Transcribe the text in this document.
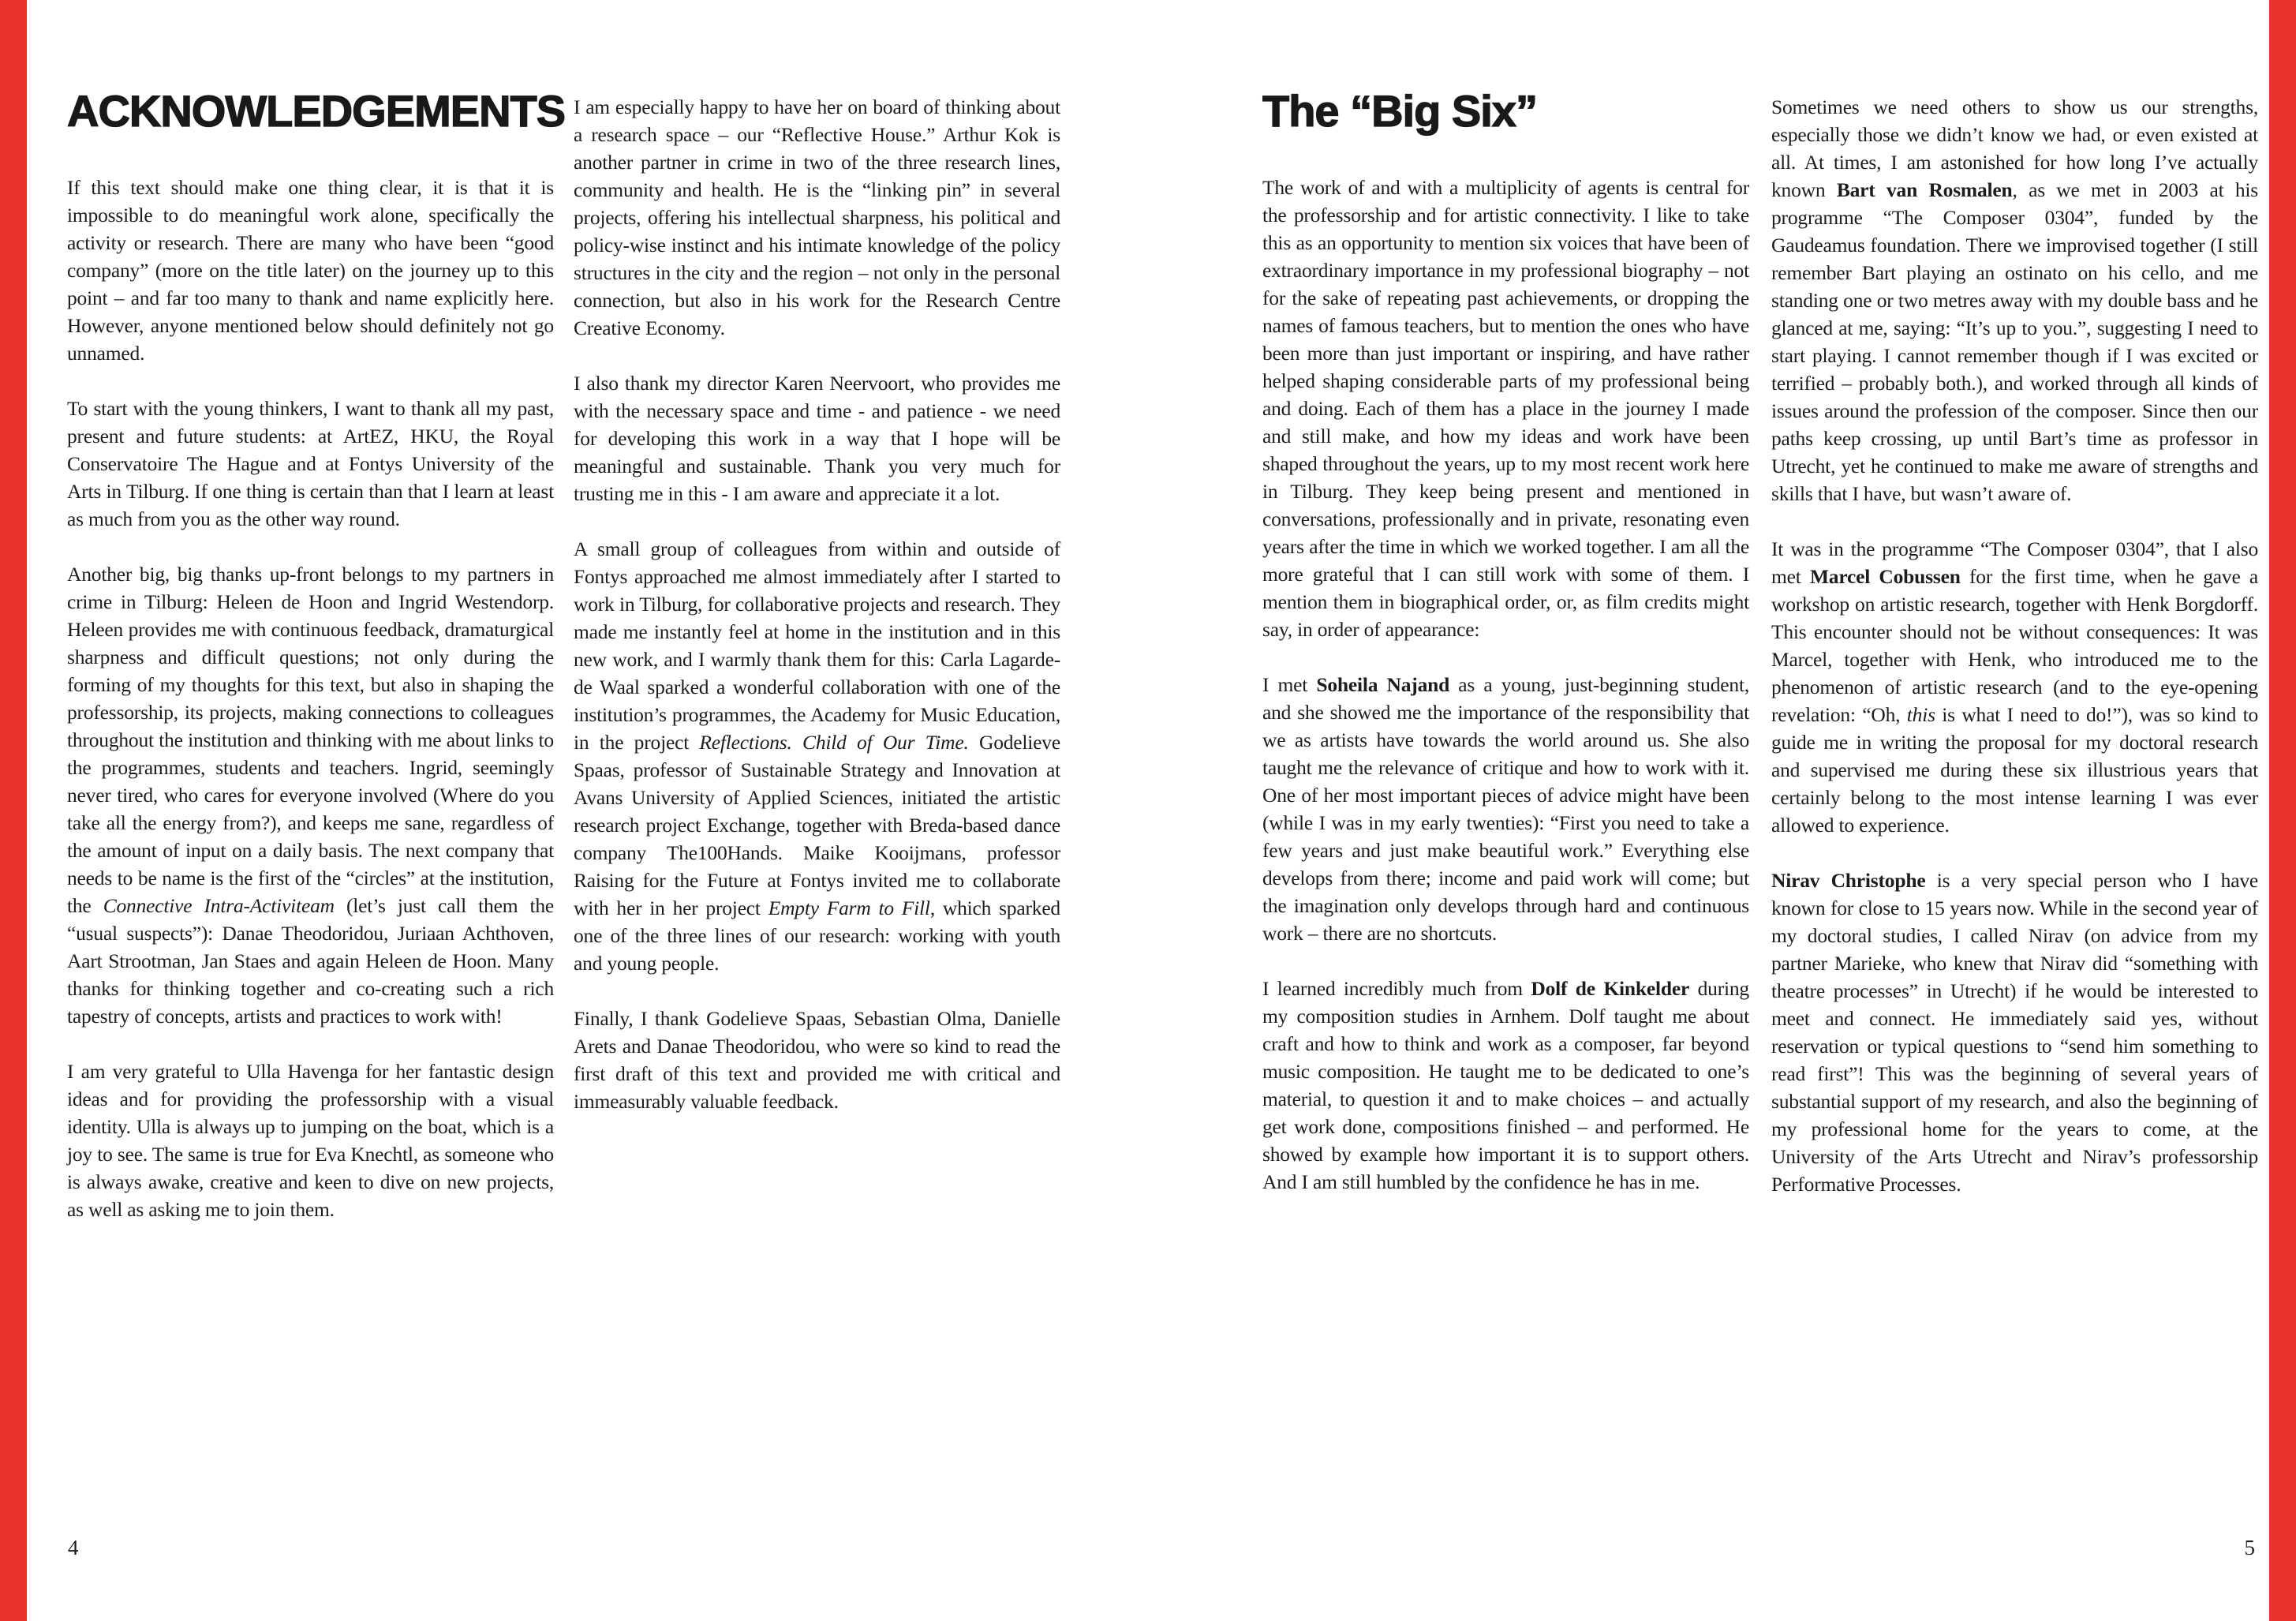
ACKNOWLEDGEMENTS

If this text should make one thing clear, it is that it is impossible to do meaningful work alone, specifically the activity or research. There are many who have been “good company” (more on the title later) on the journey up to this point – and far too many to thank and name explicitly here. However, anyone mentioned below should definitely not go unnamed.

To start with the young thinkers, I want to thank all my past, present and future students: at ArtEZ, HKU, the Royal Conservatoire The Hague and at Fontys University of the Arts in Tilburg. If one thing is certain than that I learn at least as much from you as the other way round.

Another big, big thanks up-front belongs to my partners in crime in Tilburg: Heleen de Hoon and Ingrid Westendorp. Heleen provides me with continuous feedback, dramaturgical sharpness and difficult questions; not only during the forming of my thoughts for this text, but also in shaping the professorship, its projects, making connections to colleagues throughout the institution and thinking with me about links to the programmes, students and teachers. Ingrid, seemingly never tired, who cares for everyone involved (Where do you take all the energy from?), and keeps me sane, regardless of the amount of input on a daily basis. The next company that needs to be name is the first of the “circles” at the institution, the Connective Intra-Activiteam (let’s just call them the “usual suspects”): Danae Theodoridou, Juriaan Achthoven, Aart Strootman, Jan Staes and again Heleen de Hoon. Many thanks for thinking together and co-creating such a rich tapestry of concepts, artists and practices to work with!

I am very grateful to Ulla Havenga for her fantastic design ideas and for providing the professorship with a visual identity. Ulla is always up to jumping on the boat, which is a joy to see. The same is true for Eva Knechtl, as someone who is always awake, creative and keen to dive on new projects, as well as asking me to join them.

I am especially happy to have her on board of thinking about a research space – our “Reflective House.” Arthur Kok is another partner in crime in two of the three research lines, community and health. He is the “linking pin” in several projects, offering his intellectual sharpness, his political and policy-wise instinct and his intimate knowledge of the policy structures in the city and the region – not only in the personal connection, but also in his work for the Research Centre Creative Economy.

I also thank my director Karen Neervoort, who provides me with the necessary space and time - and patience - we need for developing this work in a way that I hope will be meaningful and sustainable. Thank you very much for trusting me in this - I am aware and appreciate it a lot.

A small group of colleagues from within and outside of Fontys approached me almost immediately after I started to work in Tilburg, for collaborative projects and research. They made me instantly feel at home in the institution and in this new work, and I warmly thank them for this: Carla Lagarde-de Waal sparked a wonderful collaboration with one of the institution’s programmes, the Academy for Music Education, in the project Reflections. Child of Our Time. Godelieve Spaas, professor of Sustainable Strategy and Innovation at Avans University of Applied Sciences, initiated the artistic research project Exchange, together with Breda-based dance company The100Hands. Maike Kooijmans, professor Raising for the Future at Fontys invited me to collaborate with her in her project Empty Farm to Fill, which sparked one of the three lines of our research: working with youth and young people.

Finally, I thank Godelieve Spaas, Sebastian Olma, Danielle Arets and Danae Theodoridou, who were so kind to read the first draft of this text and provided me with critical and immeasurably valuable feedback.

4
The “Big Six”

The work of and with a multiplicity of agents is central for the professorship and for artistic connectivity. I like to take this as an opportunity to mention six voices that have been of extraordinary importance in my professional biography – not for the sake of repeating past achievements, or dropping the names of famous teachers, but to mention the ones who have been more than just important or inspiring, and have rather helped shaping considerable parts of my professional being and doing. Each of them has a place in the journey I made and still make, and how my ideas and work have been shaped throughout the years, up to my most recent work here in Tilburg. They keep being present and mentioned in conversations, professionally and in private, resonating even years after the time in which we worked together. I am all the more grateful that I can still work with some of them. I mention them in biographical order, or, as film credits might say, in order of appearance:

I met Soheila Najand as a young, just-beginning student, and she showed me the importance of the responsibility that we as artists have towards the world around us. She also taught me the relevance of critique and how to work with it. One of her most important pieces of advice might have been (while I was in my early twenties): “First you need to take a few years and just make beautiful work.” Everything else develops from there; income and paid work will come; but the imagination only develops through hard and continuous work – there are no shortcuts.

I learned incredibly much from Dolf de Kinkelder during my composition studies in Arnhem. Dolf taught me about craft and how to think and work as a composer, far beyond music composition. He taught me to be dedicated to one’s material, to question it and to make choices – and actually get work done, compositions finished – and performed. He showed by example how important it is to support others. And I am still humbled by the confidence he has in me.

Sometimes we need others to show us our strengths, especially those we didn’t know we had, or even existed at all. At times, I am astonished for how long I’ve actually known Bart van Rosmalen, as we met in 2003 at his programme “The Composer 0304”, funded by the Gaudeamus foundation. There we improvised together (I still remember Bart playing an ostinato on his cello, and me standing one or two metres away with my double bass and he glanced at me, saying: “It’s up to you.”, suggesting I need to start playing. I cannot remember though if I was excited or terrified – probably both.), and worked through all kinds of issues around the profession of the composer. Since then our paths keep crossing, up until Bart’s time as professor in Utrecht, yet he continued to make me aware of strengths and skills that I have, but wasn’t aware of.

It was in the programme “The Composer 0304”, that I also met Marcel Cobussen for the first time, when he gave a workshop on artistic research, together with Henk Borgdorff. This encounter should not be without consequences: It was Marcel, together with Henk, who introduced me to the phenomenon of artistic research (and to the eye-opening revelation: “Oh, this is what I need to do!”), was so kind to guide me in writing the proposal for my doctoral research and supervised me during these six illustrious years that certainly belong to the most intense learning I was ever allowed to experience.

Nirav Christophe is a very special person who I have known for close to 15 years now. While in the second year of my doctoral studies, I called Nirav (on advice from my partner Marieke, who knew that Nirav did “something with theatre processes” in Utrecht) if he would be interested to meet and connect. He immediately said yes, without reservation or typical questions to “send him something to read first”! This was the beginning of several years of substantial support of my research, and also the beginning of my professional home for the years to come, at the University of the Arts Utrecht and Nirav’s professorship Performative Processes.

5
